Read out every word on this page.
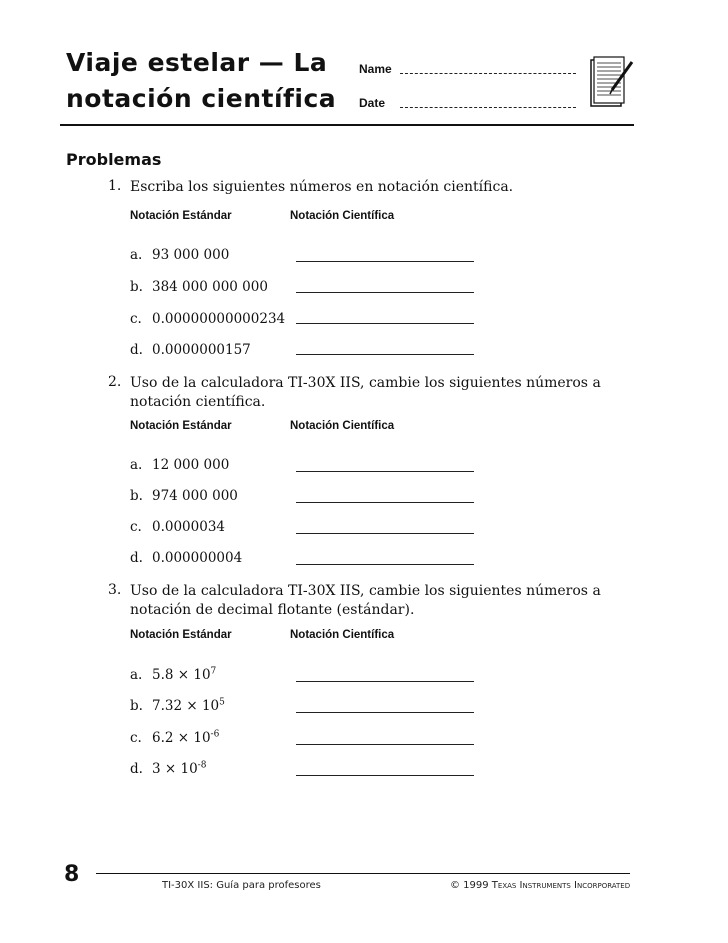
Viaje estelar — La
notación científica
Name
Date
Problemas
1. Escriba los siguientes números en notación científica.
Notación Estándar	Notación Científica
a. 93 000 000
b. 384 000 000 000
c. 0.00000000000234
d. 0.0000000157
2. Uso de la calculadora TI-30X IIS, cambie los siguientes números a notación científica.
Notación Estándar	Notación Científica
a. 12 000 000
b. 974 000 000
c. 0.0000034
d. 0.000000004
3. Uso de la calculadora TI-30X IIS, cambie los siguientes números a notación de decimal flotante (estándar).
Notación Estándar	Notación Científica
a. $5.8 \times 10^7$
b. $7.32 \times 10^5$
c. $6.2 \times 10^{-6}$
d. $3 \times 10^{-8}$
8	TI-30X IIS: Guía para profesores	© 1999 Texas Instruments Incorporated
